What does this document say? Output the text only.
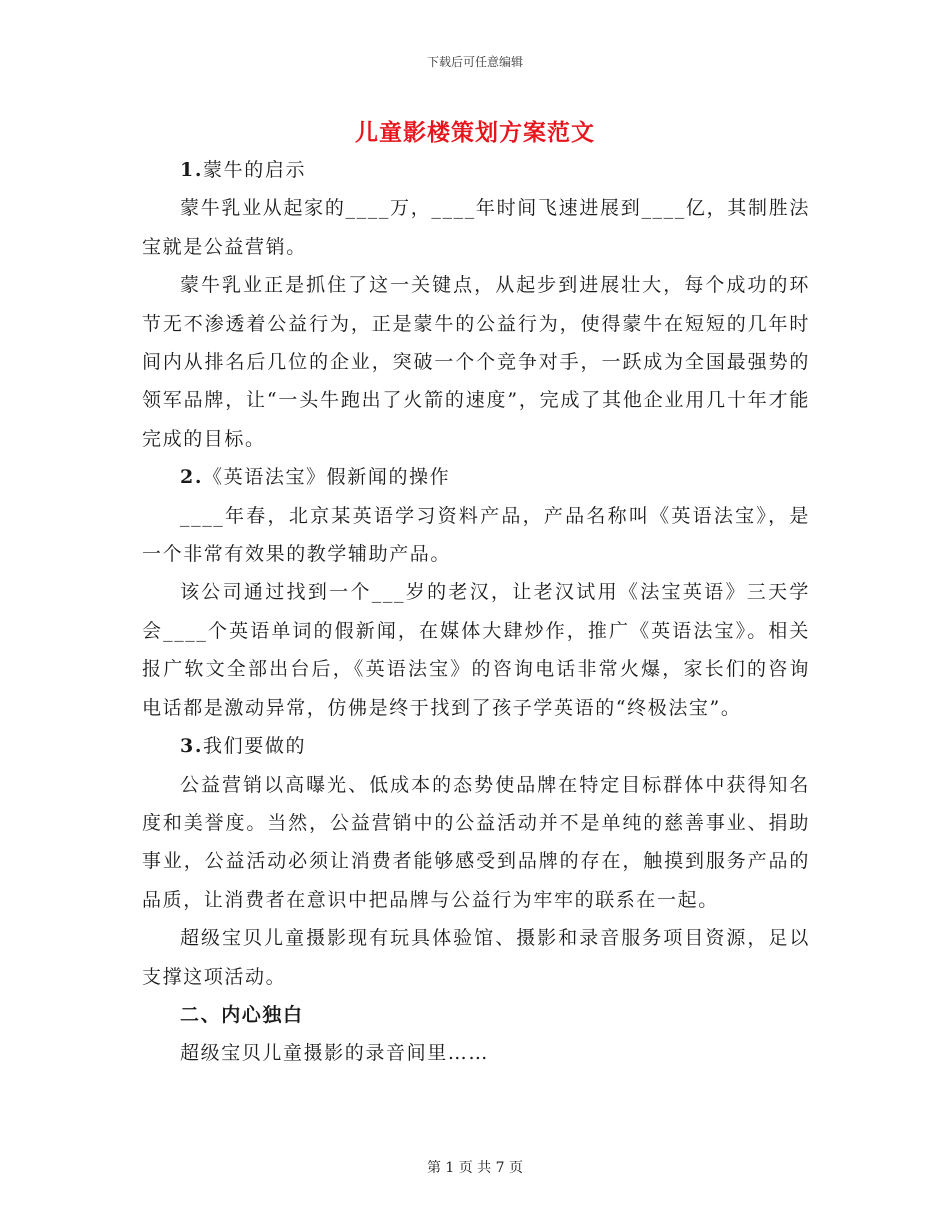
下载后可任意编辑
儿童影楼策划方案范文

1.蒙牛的启示

蒙牛乳业从起家的____万，____年时间飞速进展到____亿，其制胜法宝就是公益营销。

蒙牛乳业正是抓住了这一关键点，从起步到进展壮大，每个成功的环节无不渗透着公益行为，正是蒙牛的公益行为，使得蒙牛在短短的几年时间内从排名后几位的企业，突破一个个竞争对手，一跃成为全国最强势的领军品牌，让“一头牛跑出了火箭的速度”，完成了其他企业用几十年才能完成的目标。

2.《英语法宝》假新闻的操作

____年春，北京某英语学习资料产品，产品名称叫《英语法宝》，是一个非常有效果的教学辅助产品。

该公司通过找到一个___岁的老汉，让老汉试用《法宝英语》三天学会____个英语单词的假新闻，在媒体大肆炒作，推广《英语法宝》。相关报广软文全部出台后，《英语法宝》的咨询电话非常火爆，家长们的咨询电话都是激动异常，仿佛是终于找到了孩子学英语的“终极法宝”。

3.我们要做的

公益营销以高曝光、低成本的态势使品牌在特定目标群体中获得知名度和美誉度。当然，公益营销中的公益活动并不是单纯的慈善事业、捐助事业，公益活动必须让消费者能够感受到品牌的存在，触摸到服务产品的品质，让消费者在意识中把品牌与公益行为牢牢的联系在一起。

超级宝贝儿童摄影现有玩具体验馆、摄影和录音服务项目资源，足以支撑这项活动。

二、内心独白

超级宝贝儿童摄影的录音间里……

第 1 页 共 7 页
